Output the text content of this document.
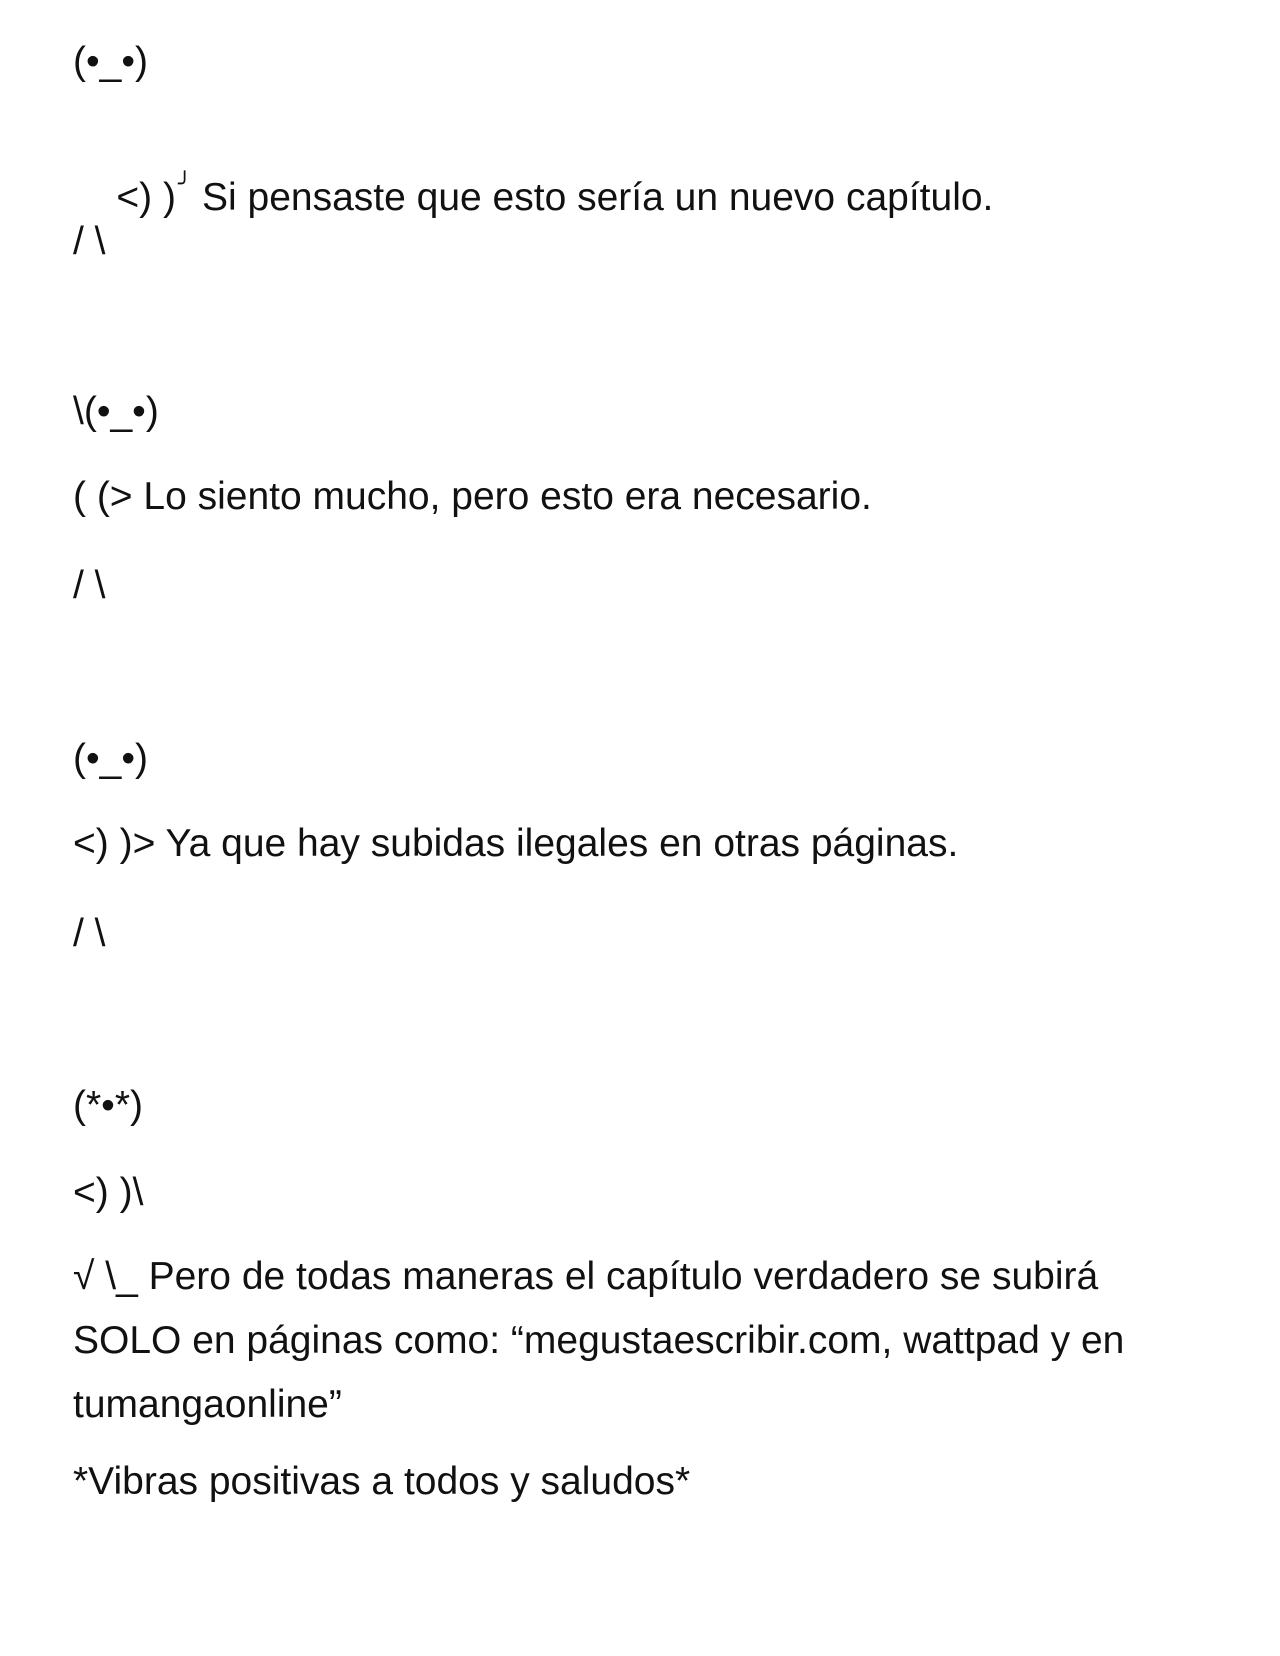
(•_•)

<) )╯ Si pensaste que esto sería un nuevo capítulo.

/ \
\(•_•)
( (> Lo siento mucho, pero esto era necesario.
/ \
(•_•)
<) )> Ya que hay subidas ilegales en otras páginas.
/ \
(*•*)
<) )\
√ \_ Pero de todas maneras el capítulo verdadero se subirá SOLO en páginas como: “megustaescribir.com, wattpad y en tumangaonline”
*Vibras positivas a todos y saludos*
